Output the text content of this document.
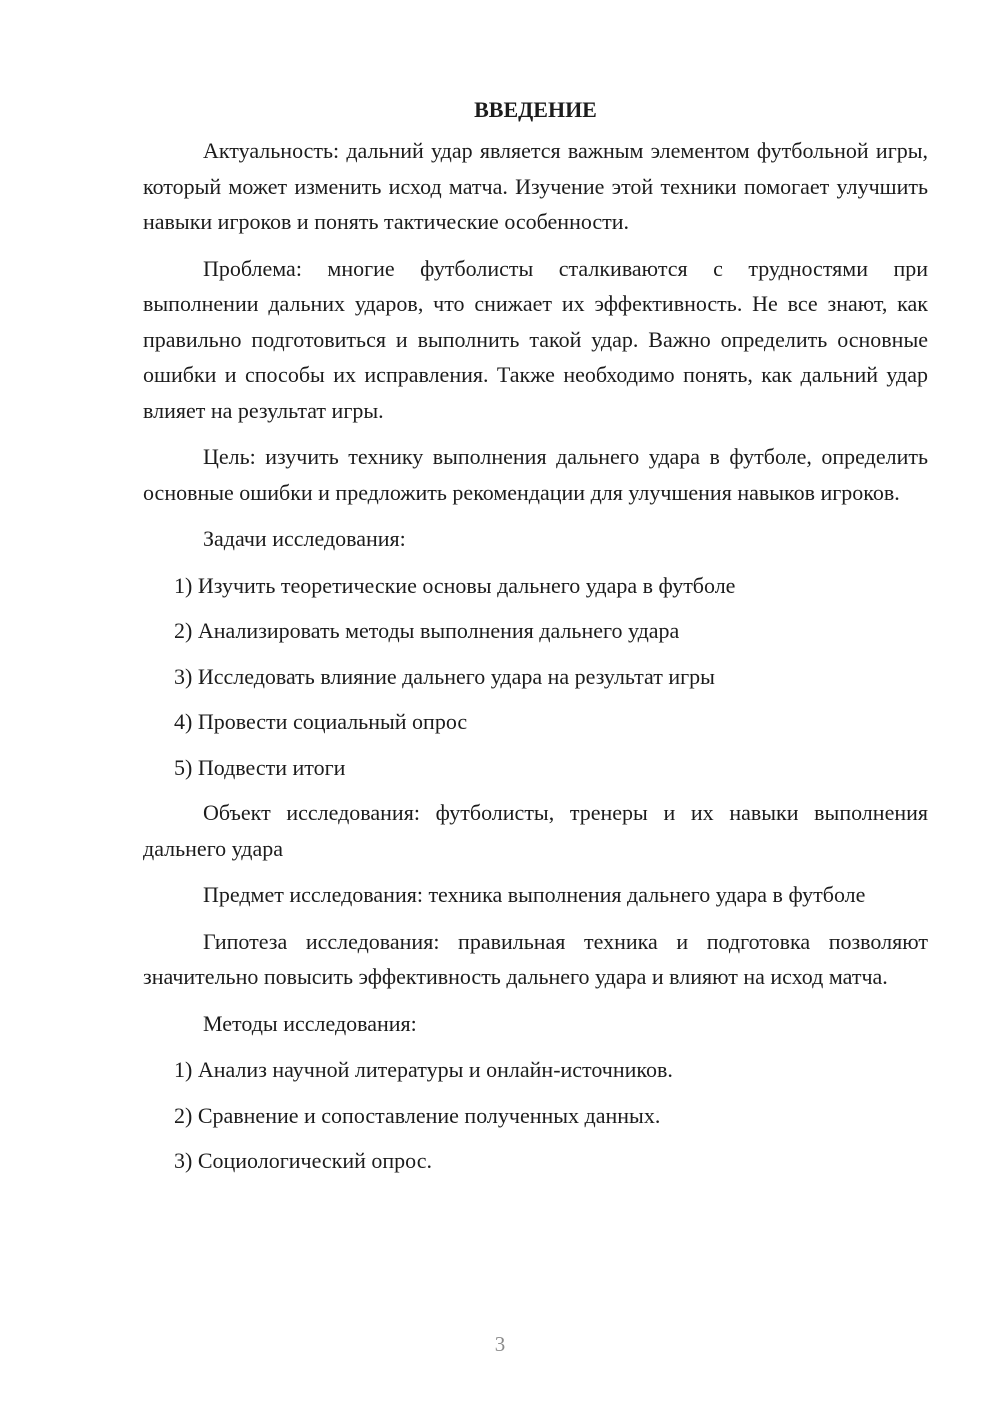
ВВЕДЕНИЕ

Актуальность: дальний удар является важным элементом футбольной игры, который может изменить исход матча. Изучение этой техники помогает улучшить навыки игроков и понять тактические особенности.

Проблема: многие футболисты сталкиваются с трудностями при выполнении дальних ударов, что снижает их эффективность. Не все знают, как правильно подготовиться и выполнить такой удар. Важно определить основные ошибки и способы их исправления. Также необходимо понять, как дальний удар влияет на результат игры.

Цель: изучить технику выполнения дальнего удара в футболе, определить основные ошибки и предложить рекомендации для улучшения навыков игроков.

Задачи исследования:

1) Изучить теоретические основы дальнего удара в футболе
2) Анализировать методы выполнения дальнего удара
3) Исследовать влияние дальнего удара на результат игры
4) Провести социальный опрос
5) Подвести итоги

Объект исследования: футболисты, тренеры и их навыки выполнения дальнего удара

Предмет исследования: техника выполнения дальнего удара в футболе

Гипотеза исследования: правильная техника и подготовка позволяют значительно повысить эффективность дальнего удара и влияют на исход матча.

Методы исследования:

1) Анализ научной литературы и онлайн-источников.
2) Сравнение и сопоставление полученных данных.
3) Социологический опрос.
3
